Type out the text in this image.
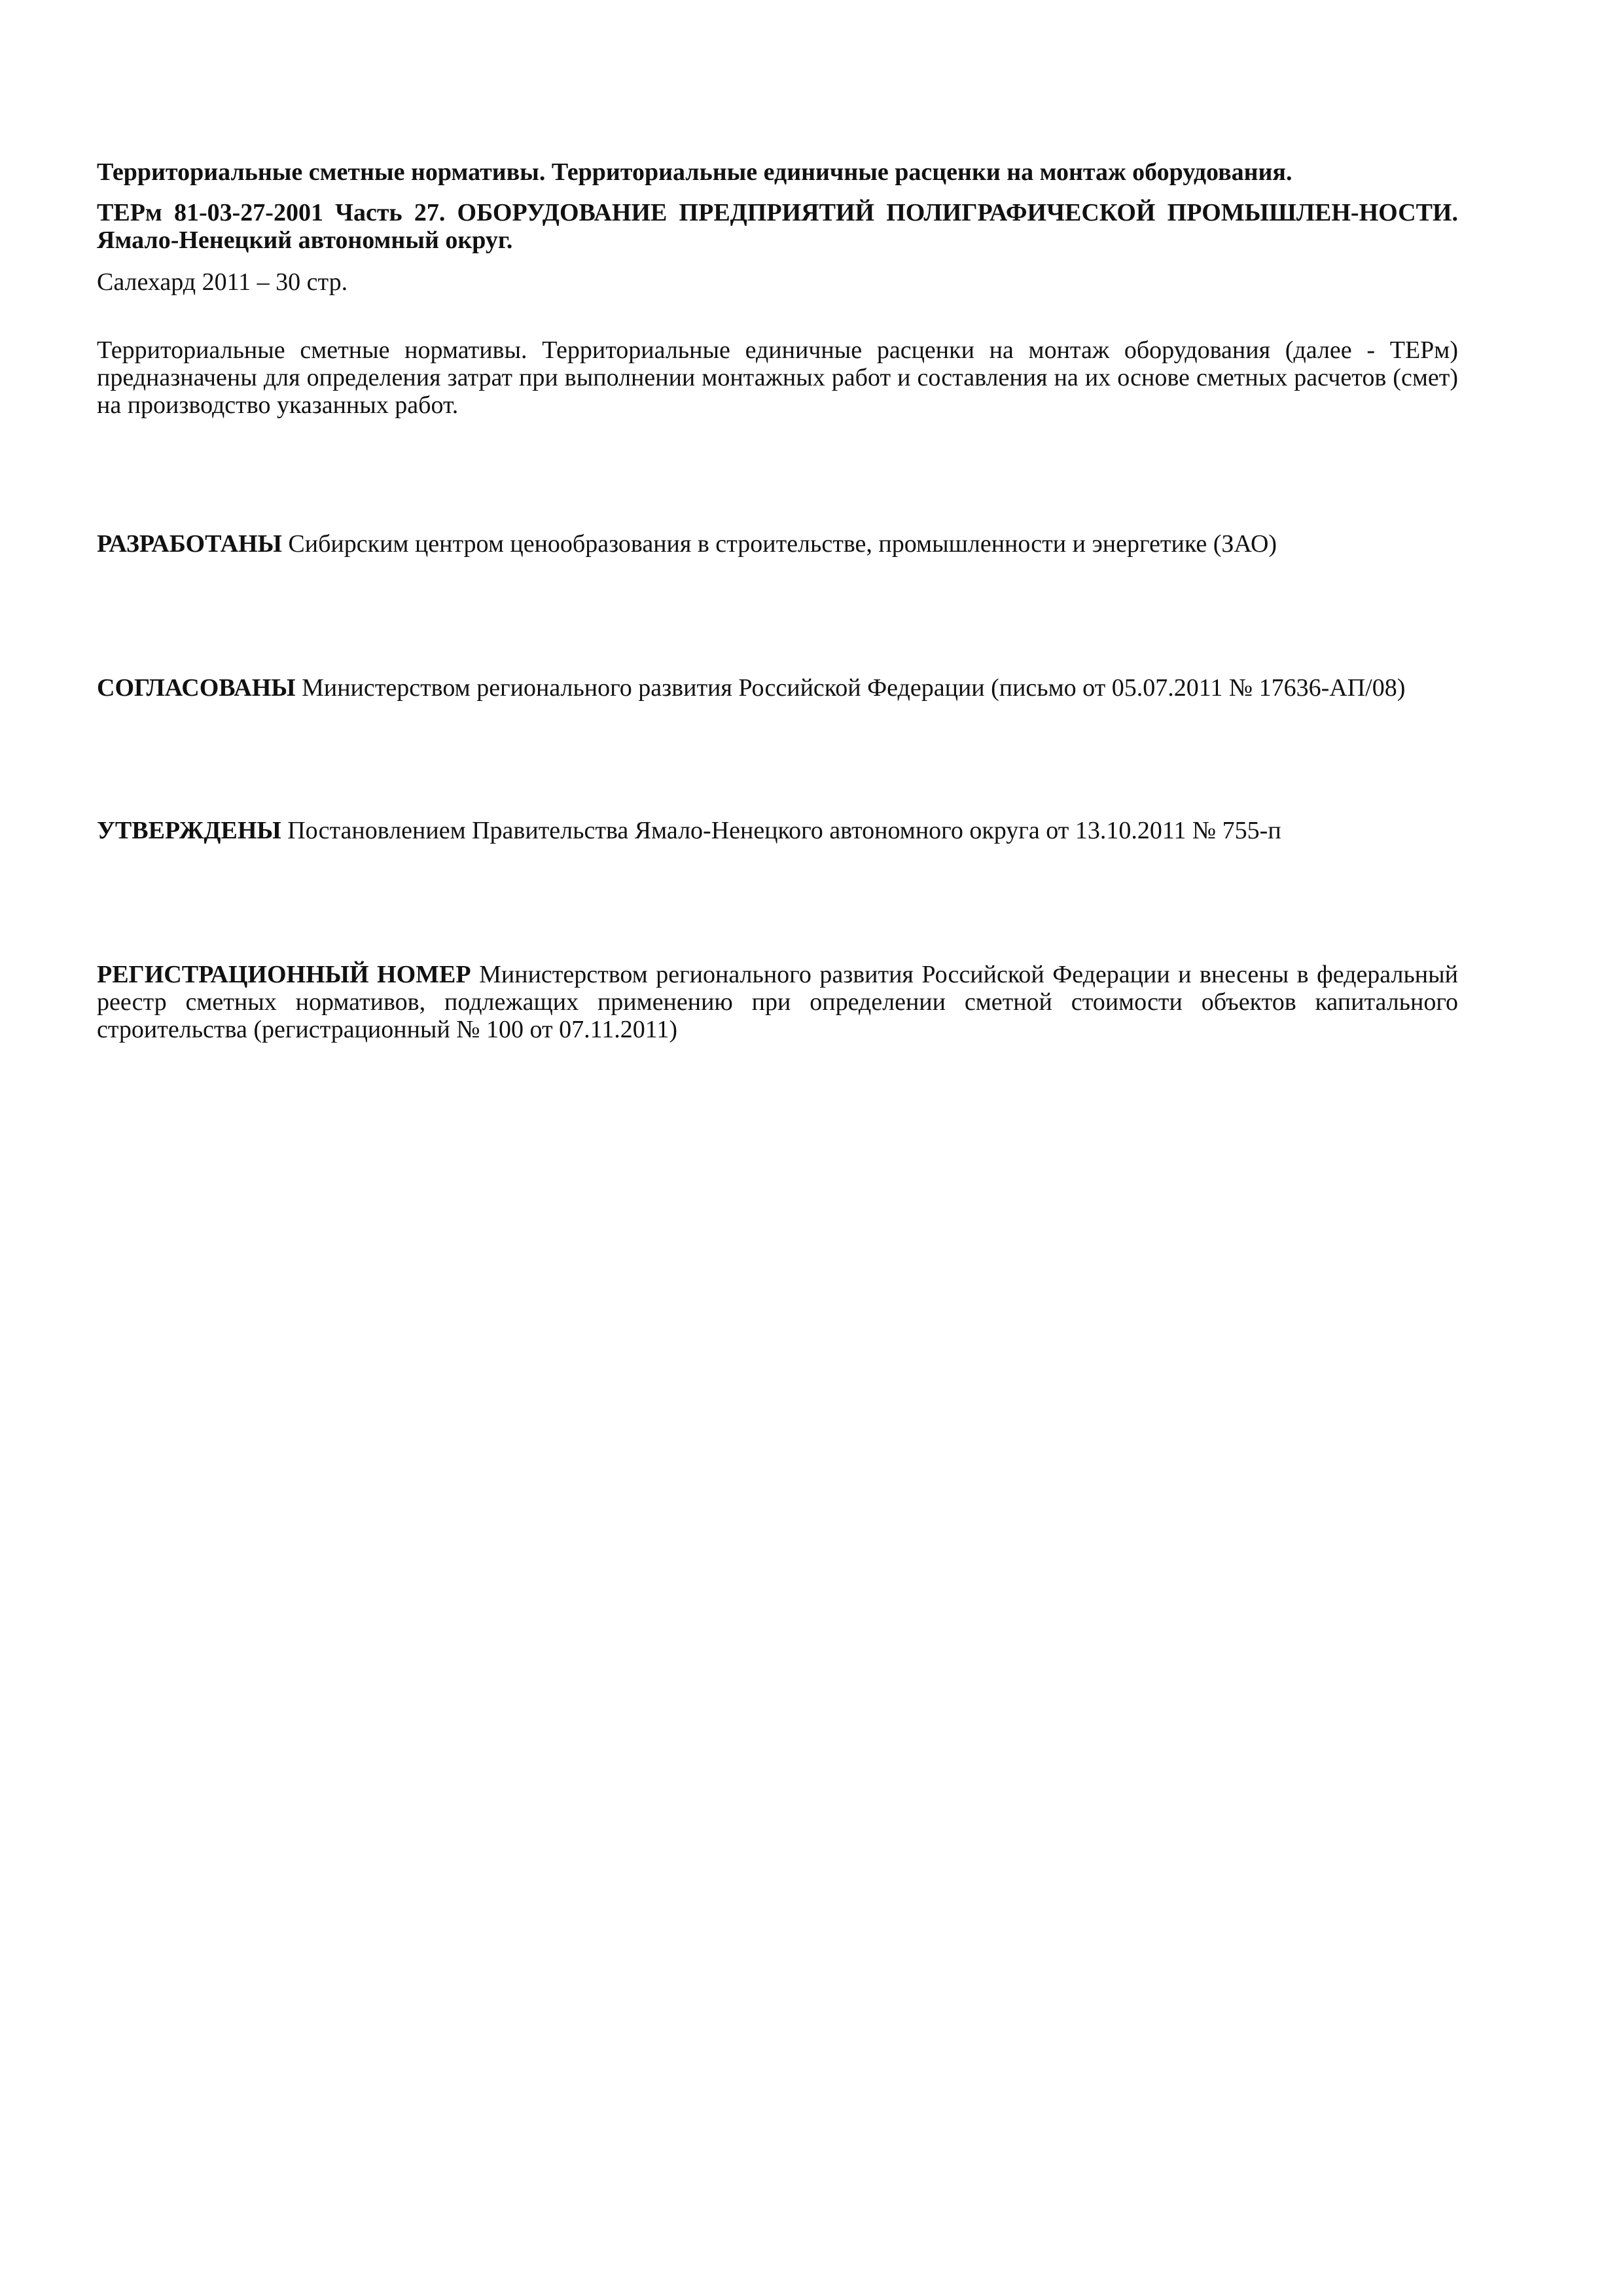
Территориальные сметные нормативы. Территориальные единичные расценки на монтаж оборудования.

ТЕРм 81-03-27-2001 Часть 27. ОБОРУДОВАНИЕ ПРЕДПРИЯТИЙ ПОЛИГРАФИЧЕСКОЙ ПРОМЫШЛЕН-НОСТИ. Ямало-Ненецкий автономный округ.

Салехард 2011 – 30 стр.

Территориальные сметные нормативы. Территориальные единичные расценки на монтаж оборудования (далее - ТЕРм) предназначены для определения затрат при выполнении монтажных работ и составления на их основе сметных расчетов (смет) на производство указанных работ.

РАЗРАБОТАНЫ Сибирским центром ценообразования в строительстве, промышленности и энергетике (ЗАО)

СОГЛАСОВАНЫ Министерством регионального развития Российской Федерации (письмо от 05.07.2011 № 17636-АП/08)

УТВЕРЖДЕНЫ Постановлением Правительства Ямало-Ненецкого автономного округа от 13.10.2011 № 755-п

РЕГИСТРАЦИОННЫЙ НОМЕР Министерством регионального развития Российской Федерации и внесены в федеральный реестр сметных нормативов, подлежащих применению при определении сметной стоимости объектов капитального строительства (регистрационный № 100 от 07.11.2011)
